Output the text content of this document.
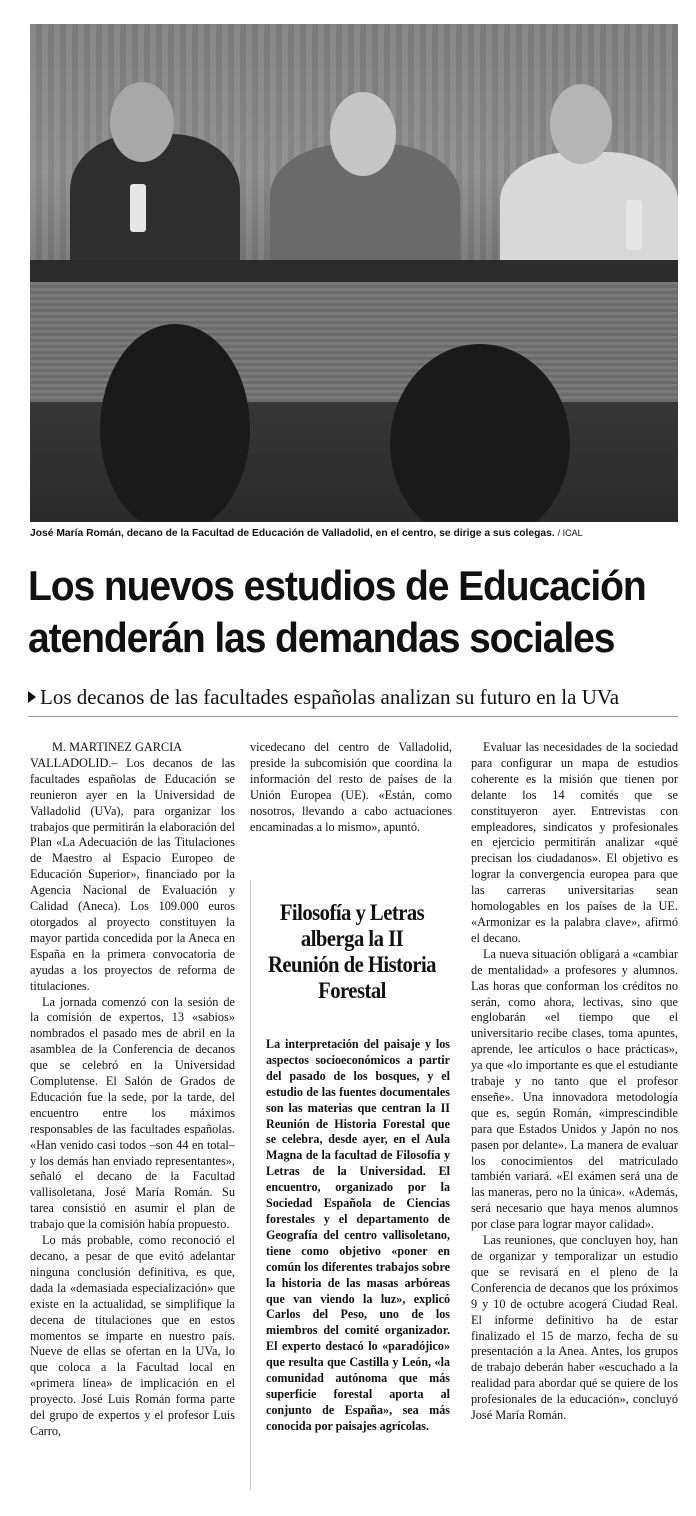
José María Román, decano de la Facultad de Educación de Valladolid, en el centro, se dirige a sus colegas. / ICAL
Los nuevos estudios de Educación
atenderán las demandas sociales
Los decanos de las facultades españolas analizan su futuro en la UVa

M. MARTINEZ GARCIA

VALLADOLID.– Los decanos de las facultades españolas de Educación se reunieron ayer en la Universidad de Valladolid (UVa), para organizar los trabajos que permitirán la elaboración del Plan «La Adecuación de las Titulaciones de Maestro al Espacio Europeo de Educación Superior», financiado por la Agencia Nacional de Evaluación y Calidad (Aneca). Los 109.000 euros otorgados al proyecto constituyen la mayor partida concedida por la Aneca en España en la primera convocatoria de ayudas a los proyectos de reforma de titulaciones.

La jornada comenzó con la sesión de la comisión de expertos, 13 «sabios» nombrados el pasado mes de abril en la asamblea de la Conferencia de decanos que se celebró en la Universidad Complutense. El Salón de Grados de Educación fue la sede, por la tarde, del encuentro entre los máximos responsables de las facultades españolas. «Han venido casi todos –son 44 en total– y los demás han enviado representantes», señaló el decano de la Facultad vallisoletana, José María Román. Su tarea consistió en asumir el plan de trabajo que la comisión había propuesto.

Lo más probable, como reconoció el decano, a pesar de que evitó adelantar ninguna conclusión definitiva, es que, dada la «demasiada especialización» que existe en la actualidad, se simplifique la decena de titulaciones que en estos momentos se imparte en nuestro país. Nueve de ellas se ofertan en la UVa, lo que coloca a la Facultad local en «primera línea» de implicación en el proyecto. José Luis Román forma parte del grupo de expertos y el profesor Luis Carro,

vicedecano del centro de Valladolid, preside la subcomisión que coordina la información del resto de países de la Unión Europea (UE). «Están, como nosotros, llevando a cabo actuaciones encaminadas a lo mismo», apuntó.

Filosofía y Letras alberga la II Reunión de Historia Forestal
La interpretación del paisaje y los aspectos socioeconómicos a partir del pasado de los bosques, y el estudio de las fuentes documentales son las materias que centran la II Reunión de Historia Forestal que se celebra, desde ayer, en el Aula Magna de la facultad de Filosofía y Letras de la Universidad. El encuentro, organizado por la Sociedad Española de Ciencias forestales y el departamento de Geografía del centro vallisoletano, tiene como objetivo «poner en común los diferentes trabajos sobre la historia de las masas arbóreas que van viendo la luz», explicó Carlos del Peso, uno de los miembros del comité organizador. El experto destacó lo «paradójico» que resulta que Castilla y León, «la comunidad autónoma que más superficie forestal aporta al conjunto de España», sea más conocida por paisajes agrícolas.

Evaluar las necesidades de la sociedad para configurar un mapa de estudios coherente es la misión que tienen por delante los 14 comités que se constituyeron ayer. Entrevistas con empleadores, sindicatos y profesionales en ejercicio permitirán analizar «qué precisan los ciudadanos». El objetivo es lograr la convergencia europea para que las carreras universitarias sean homologables en los países de la UE. «Armonizar es la palabra clave», afirmó el decano.

La nueva situación obligará a «cambiar de mentalidad» a profesores y alumnos. Las horas que conforman los créditos no serán, como ahora, lectivas, sino que englobarán «el tiempo que el universitario recibe clases, toma apuntes, aprende, lee artículos o hace prácticas», ya que «lo importante es que el estudiante trabaje y no tanto que el profesor enseñe». Una innovadora metodología que es, según Román, «imprescindible para que Estados Unidos y Japón no nos pasen por delante». La manera de evaluar los conocimientos del matriculado también variará. «El exámen será una de las maneras, pero no la única». «Además, será necesario que haya menos alumnos por clase para lograr mayor calidad».

Las reuniones, que concluyen hoy, han de organizar y temporalizar un estudio que se revisará en el pleno de la Conferencia de decanos que los próximos 9 y 10 de octubre acogerá Ciudad Real. El informe definitivo ha de estar finalizado el 15 de marzo, fecha de su presentación a la Anea. Antes, los grupos de trabajo deberán haber «escuchado a la realidad para abordar qué se quiere de los profesionales de la educación», concluyó José María Román.
